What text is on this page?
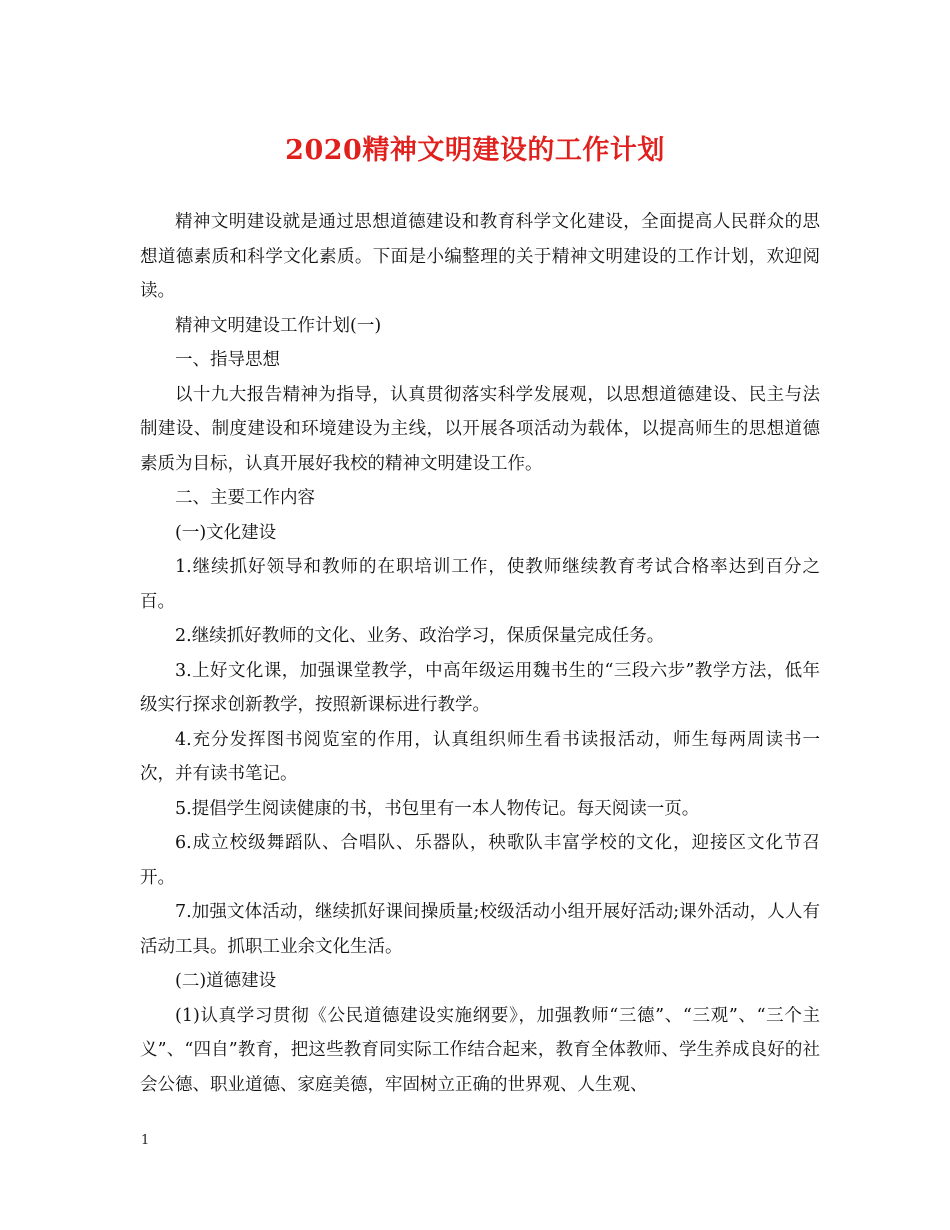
2020精神文明建设的工作计划

精神文明建设就是通过思想道德建设和教育科学文化建设，全面提高人民群众的思想道德素质和科学文化素质。下面是小编整理的关于精神文明建设的工作计划，欢迎阅读。

精神文明建设工作计划(一)

一、指导思想

以十九大报告精神为指导，认真贯彻落实科学发展观，以思想道德建设、民主与法制建设、制度建设和环境建设为主线，以开展各项活动为载体，以提高师生的思想道德素质为目标，认真开展好我校的精神文明建设工作。

二、主要工作内容

(一)文化建设

1.继续抓好领导和教师的在职培训工作，使教师继续教育考试合格率达到百分之百。

2.继续抓好教师的文化、业务、政治学习，保质保量完成任务。

3.上好文化课，加强课堂教学，中高年级运用魏书生的“三段六步”教学方法，低年级实行探求创新教学，按照新课标进行教学。

4.充分发挥图书阅览室的作用，认真组织师生看书读报活动，师生每两周读书一次，并有读书笔记。

5.提倡学生阅读健康的书，书包里有一本人物传记。每天阅读一页。

6.成立校级舞蹈队、合唱队、乐器队，秧歌队丰富学校的文化，迎接区文化节召开。

7.加强文体活动，继续抓好课间操质量;校级活动小组开展好活动;课外活动，人人有活动工具。抓职工业余文化生活。

(二)道德建设

(1)认真学习贯彻《公民道德建设实施纲要》，加强教师“三德”、“三观”、“三个主义”、“四自”教育，把这些教育同实际工作结合起来，教育全体教师、学生养成良好的社会公德、职业道德、家庭美德，牢固树立正确的世界观、人生观、

1
